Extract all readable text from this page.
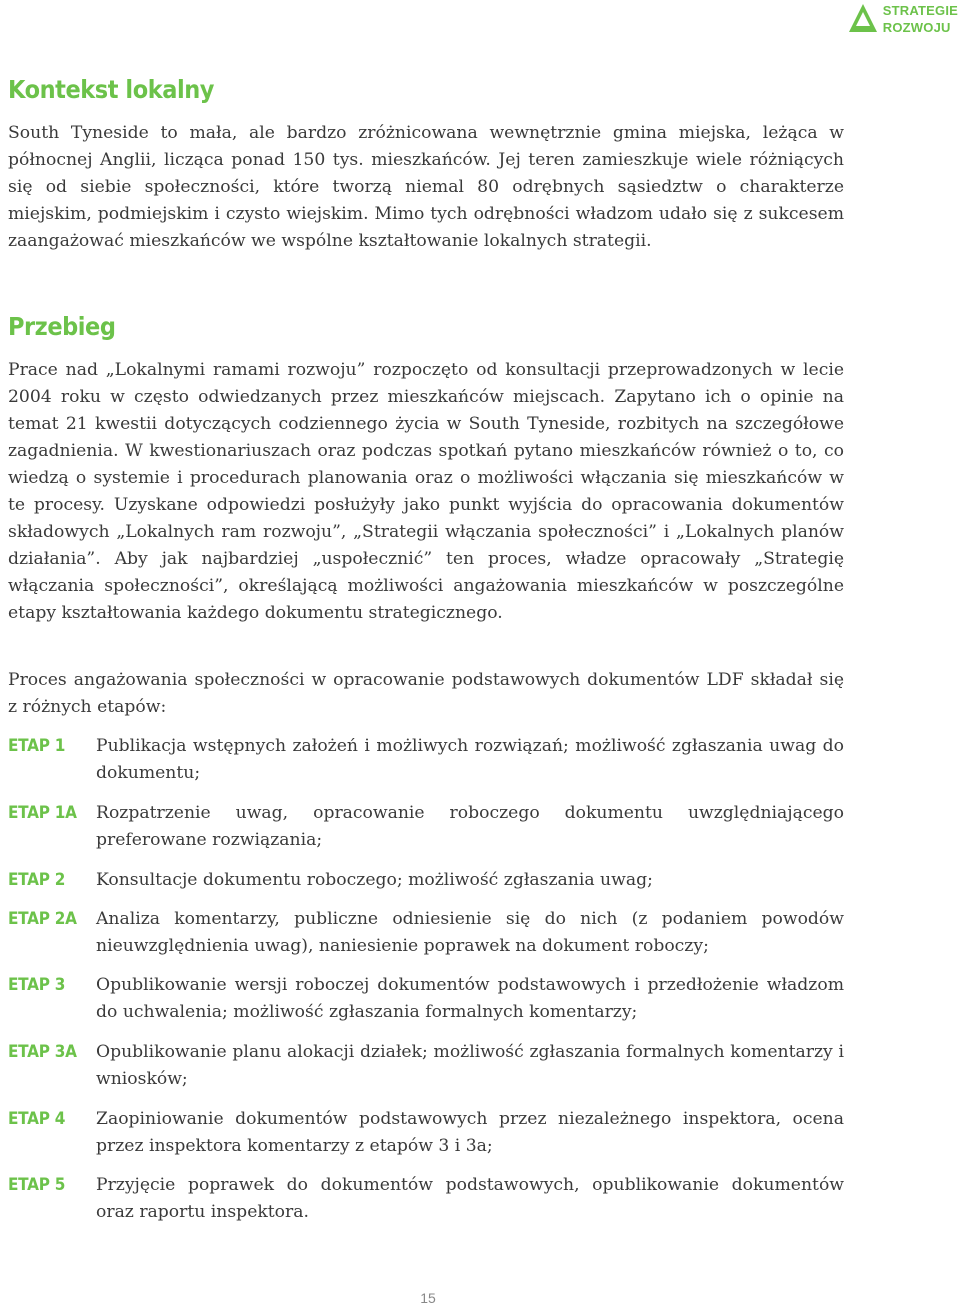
STRATEGIE
ROZWOJU
Kontekst lokalny

South Tyneside to mała, ale bardzo zróżnicowana wewnętrznie gmina miejska, leżąca w północnej Anglii, licząca ponad 150 tys. mieszkańców. Jej teren zamieszkuje wiele różniących się od siebie społeczności, które tworzą niemal 80 odrębnych sąsiedztw o charakterze miejskim, podmiejskim i czysto wiejskim. Mimo tych odrębności władzom udało się z sukcesem zaangażować mieszkańców we wspólne kształtowanie lokalnych strategii.

Przebieg

Prace nad „Lokalnymi ramami rozwoju” rozpoczęto od konsultacji przeprowadzonych w lecie 2004 roku w często odwiedzanych przez mieszkańców miejscach. Zapytano ich o opinie na temat 21 kwestii dotyczących codziennego życia w South Tyneside, rozbitych na szczegółowe zagadnienia. W kwestionariuszach oraz podczas spotkań pytano mieszkańców również o to, co wiedzą o systemie i procedurach planowania oraz o możliwości włączania się mieszkańców w te procesy. Uzyskane odpowiedzi posłużyły jako punkt wyjścia do opracowania dokumentów składowych „Lokalnych ram rozwoju”, „Strategii włączania społeczności” i „Lokalnych planów działania”. Aby jak najbardziej „uspołecznić” ten proces, władze opracowały „Strategię włączania społeczności”, określającą możliwości angażowania mieszkańców w poszczególne etapy kształtowania każdego dokumentu strategicznego.

Proces angażowania społeczności w opracowanie podstawowych dokumentów LDF składał się z różnych etapów:

ETAP 1 Publikacja wstępnych założeń i możliwych rozwiązań; możliwość zgłaszania uwag do dokumentu;
ETAP 1A Rozpatrzenie uwag, opracowanie roboczego dokumentu uwzględniającego preferowane rozwiązania;
ETAP 2 Konsultacje dokumentu roboczego; możliwość zgłaszania uwag;
ETAP 2A Analiza komentarzy, publiczne odniesienie się do nich (z podaniem powodów nieuwzględnienia uwag), naniesienie poprawek na dokument roboczy;
ETAP 3 Opublikowanie wersji roboczej dokumentów podstawowych i przedłożenie władzom do uchwalenia; możliwość zgłaszania formalnych komentarzy;
ETAP 3A Opublikowanie planu alokacji działek; możliwość zgłaszania formalnych komentarzy i wniosków;
ETAP 4 Zaopiniowanie dokumentów podstawowych przez niezależnego inspektora, ocena przez inspektora komentarzy z etapów 3 i 3a;
ETAP 5 Przyjęcie poprawek do dokumentów podstawowych, opublikowanie dokumentów oraz raportu inspektora.
15
